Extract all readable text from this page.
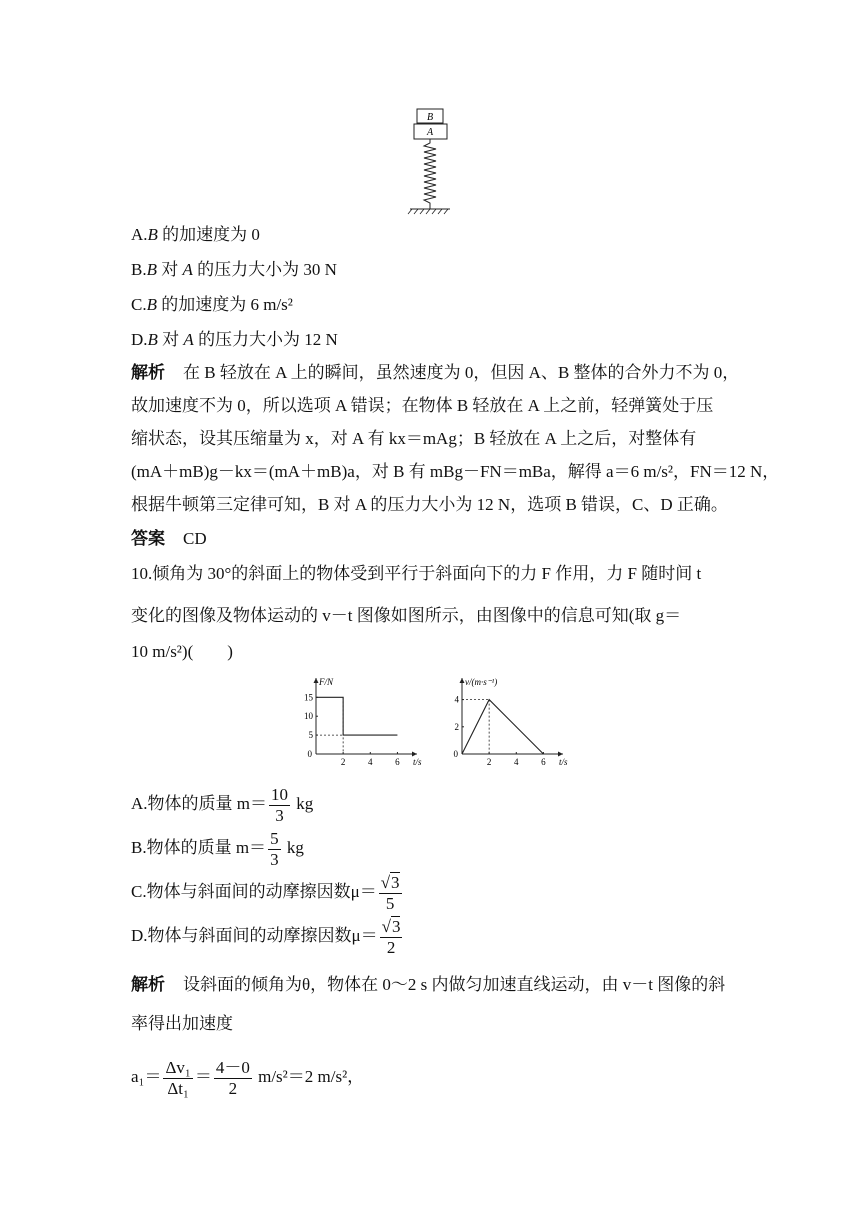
B
A
A.B 的加速度为 0
B.B 对 A 的压力大小为 30 N
C.B 的加速度为 6 m/s²
D.B 对 A 的压力大小为 12 N
解析 在 B 轻放在 A 上的瞬间，虽然速度为 0，但因 A、B 整体的合外力不为 0，
故加速度不为 0，所以选项 A 错误；在物体 B 轻放在 A 上之前，轻弹簧处于压
缩状态，设其压缩量为 x，对 A 有 kx＝mAg；B 轻放在 A 上之后，对整体有
(mA＋mB)g－kx＝(mA＋mB)a，对 B 有 mBg－FN＝mBa，解得 a＝6 m/s²，FN＝12 N，
根据牛顿第三定律可知，B 对 A 的压力大小为 12 N，选项 B 错误，C、D 正确。
答案 CD
10.倾角为 30°的斜面上的物体受到平行于斜面向下的力 F 作用，力 F 随时间 t
变化的图像及物体运动的 v－t 图像如图所示，由图像中的信息可知(取 g＝
10 m/s²)(　　)
F/N
t/s
0
2	4	6
15
10
5
v/(m·s⁻¹)
t/s
0
2	4	6
4
2
A.物体的质量 $m= \frac{10}{3}$ kg
B.物体的质量 $m= \frac{5}{3}$ kg
C.物体与斜面间的动摩擦因数$\mu= \frac{√3}{5}$
D.物体与斜面间的动摩擦因数$\mu= \frac{√3}{2}$
解析 设斜面的倾角为θ，物体在 0～2 s 内做匀加速直线运动，由 v－t 图像的斜
率得出加速度
$a_1= \frac{\text{Δv₁}}{\text{Δt₁}} = \frac{4-0}{2} m/s^2=2$ m/s²，
